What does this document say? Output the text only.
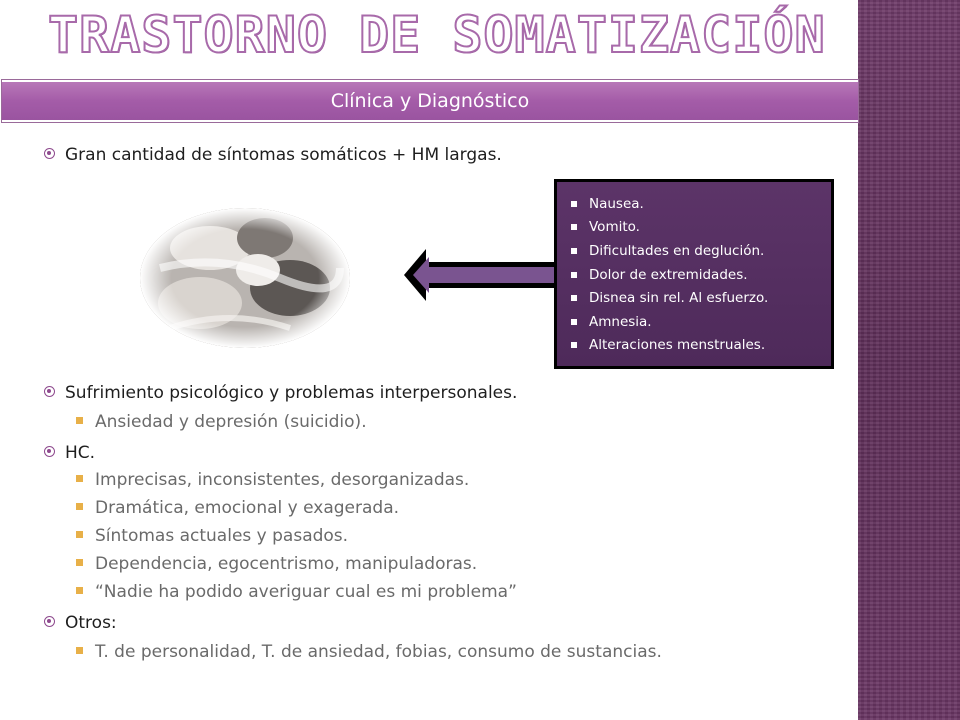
TRASTORNO DE SOMATIZACIÓN
Clínica y Diagnóstico
Gran cantidad de síntomas somáticos + HM largas.
Nausea.
Vomito.
Dificultades en deglución.
Dolor de extremidades.
Disnea sin rel. Al esfuerzo.
Amnesia.
Alteraciones menstruales.
Sufrimiento psicológico y problemas interpersonales.
Ansiedad y depresión (suicidio).
HC.
Imprecisas, inconsistentes, desorganizadas.
Dramática, emocional y exagerada.
Síntomas actuales y pasados.
Dependencia, egocentrismo, manipuladoras.
“Nadie ha podido averiguar cual es mi problema”
Otros:
T. de personalidad, T. de ansiedad, fobias, consumo de sustancias.
